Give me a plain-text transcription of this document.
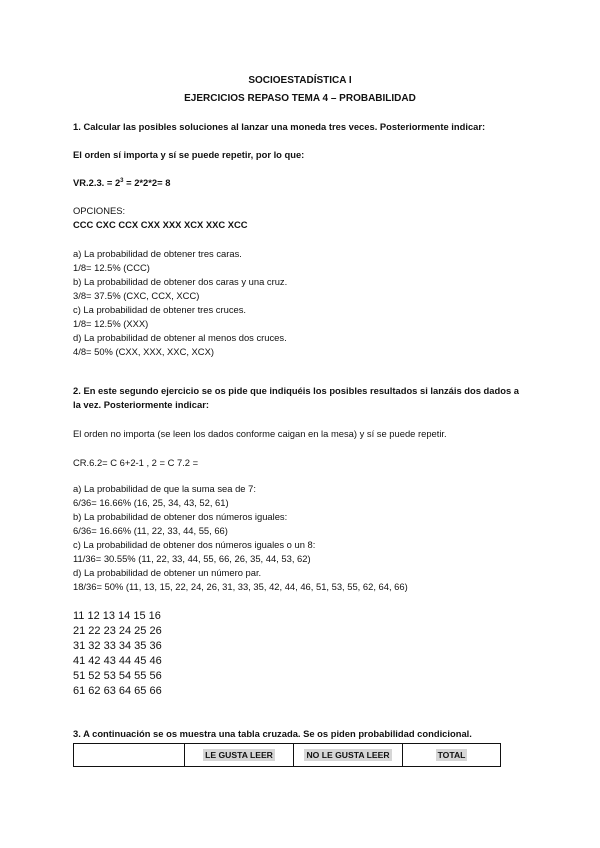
SOCIOESTADÍSTICA I
EJERCICIOS REPASO TEMA 4 – PROBABILIDAD
1. Calcular las posibles soluciones al lanzar una moneda tres veces. Posteriormente indicar:
El orden sí importa y sí se puede repetir, por lo que:
VR.2.3. = $2^3 = 2*2*2= 8$
OPCIONES:
CCC CXC CCX CXX XXX XCX XXC XCC
a) La probabilidad de obtener tres caras.
1/8= 12.5% (CCC)
b) La probabilidad de obtener dos caras y una cruz.
3/8= 37.5% (CXC, CCX, XCC)
c) La probabilidad de obtener tres cruces.
1/8= 12.5% (XXX)
d) La probabilidad de obtener al menos dos cruces.
4/8= 50% (CXX, XXX, XXC, XCX)
2. En este segundo ejercicio se os pide que indiquéis los posibles resultados si lanzáis dos dados a
la vez. Posteriormente indicar:
El orden no importa (se leen los dados conforme caigan en la mesa) y sí se puede repetir.
CR.6.2= C 6+2-1 , 2 = C 7.2 =
a) La probabilidad de que la suma sea de 7:
6/36= 16.66% (16, 25, 34, 43, 52, 61)
b) La probabilidad de obtener dos números iguales:
6/36= 16.66% (11, 22, 33, 44, 55, 66)
c) La probabilidad de obtener dos números iguales o un 8:
11/36= 30.55% (11, 22, 33, 44, 55, 66, 26, 35, 44, 53, 62)
d) La probabilidad de obtener un número par.
18/36= 50% (11, 13, 15, 22, 24, 26, 31, 33, 35, 42, 44, 46, 51, 53, 55, 62, 64, 66)
11 12 13 14 15 16
21 22 23 24 25 26
31 32 33 34 35 36
41 42 43 44 45 46
51 52 53 54 55 56
61 62 63 64 65 66
3. A continuación se os muestra una tabla cruzada. Se os piden probabilidad condicional.
	LE GUSTA LEER	NO LE GUSTA LEER	TOTAL
